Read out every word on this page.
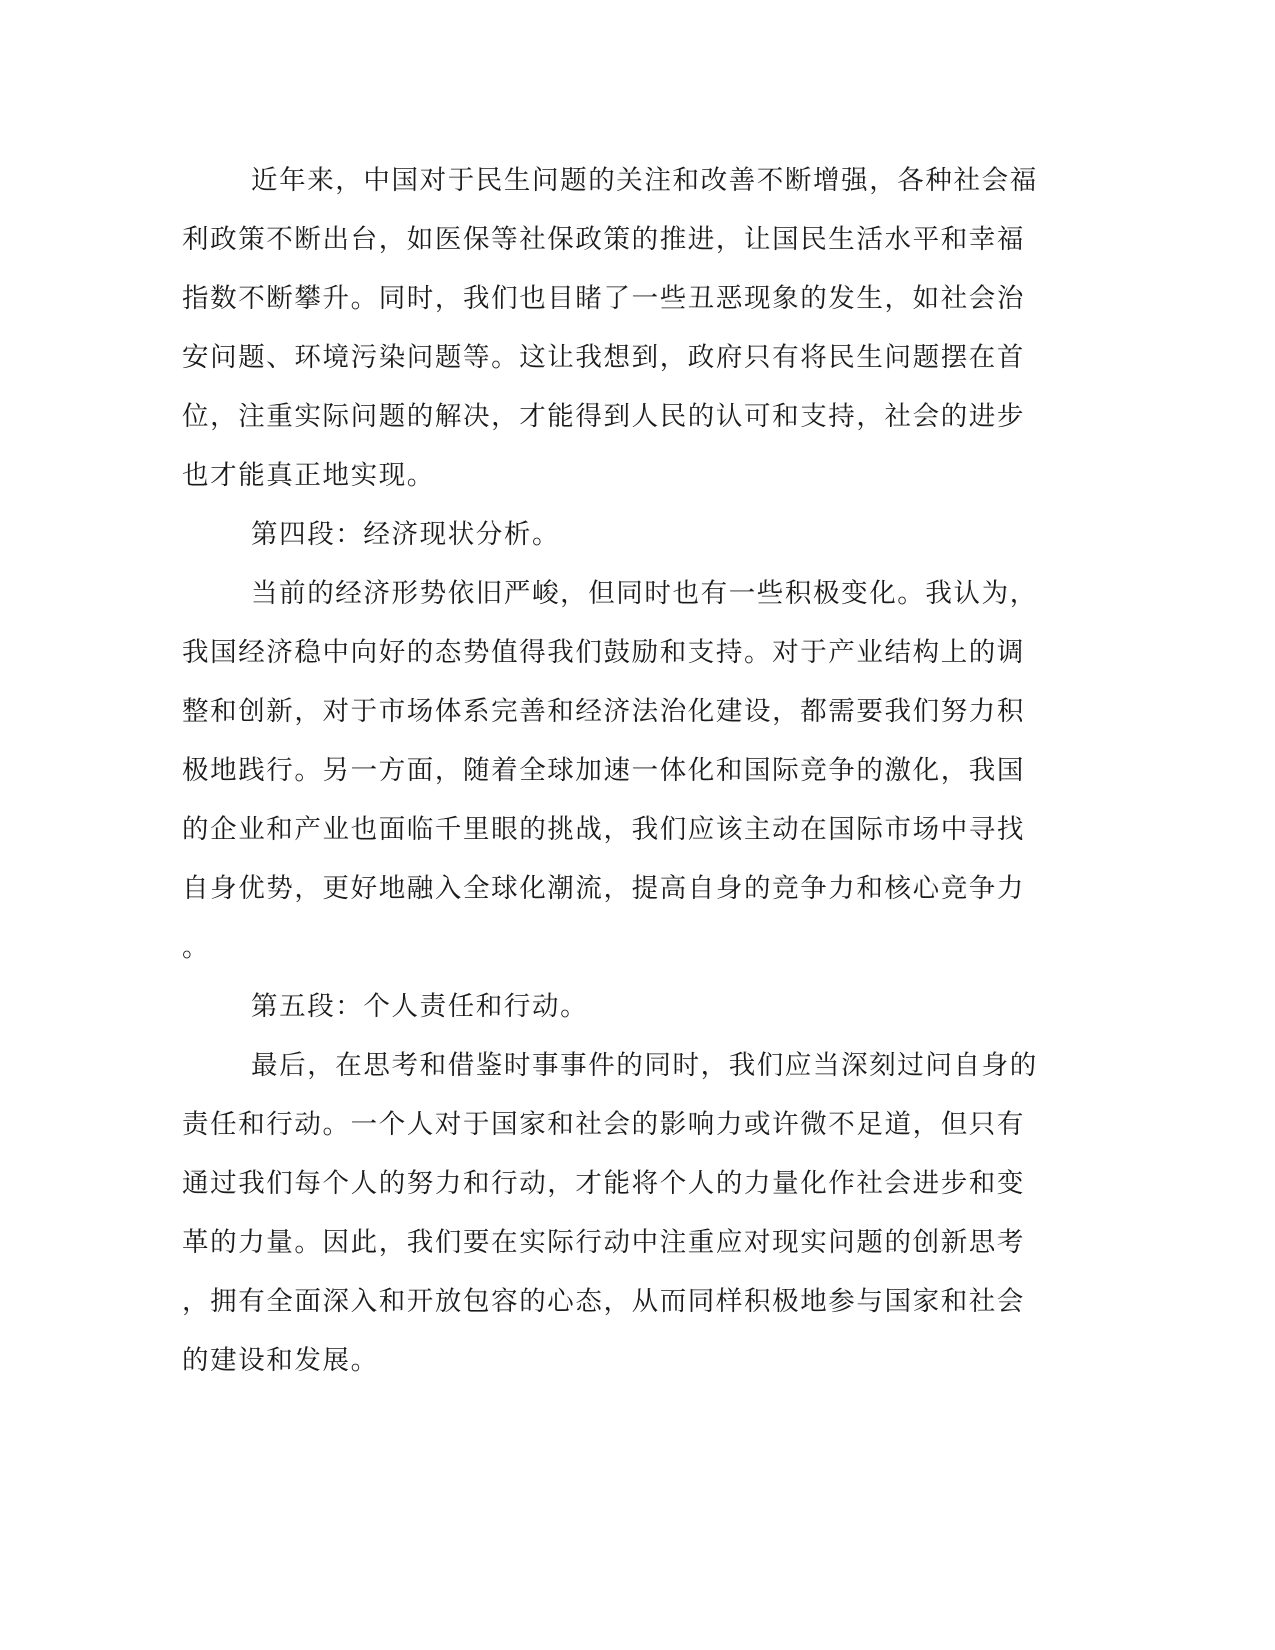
近年来，中国对于民生问题的关注和改善不断增强，各种社会福
利政策不断出台，如医保等社保政策的推进，让国民生活水平和幸福
指数不断攀升。同时，我们也目睹了一些丑恶现象的发生，如社会治
安问题、环境污染问题等。这让我想到，政府只有将民生问题摆在首
位，注重实际问题的解决，才能得到人民的认可和支持，社会的进步
也才能真正地实现。
第四段：经济现状分析。
当前的经济形势依旧严峻，但同时也有一些积极变化。我认为，
我国经济稳中向好的态势值得我们鼓励和支持。对于产业结构上的调
整和创新，对于市场体系完善和经济法治化建设，都需要我们努力积
极地践行。另一方面，随着全球加速一体化和国际竞争的激化，我国
的企业和产业也面临千里眼的挑战，我们应该主动在国际市场中寻找
自身优势，更好地融入全球化潮流，提高自身的竞争力和核心竞争力
。
第五段：个人责任和行动。
最后，在思考和借鉴时事事件的同时，我们应当深刻过问自身的
责任和行动。一个人对于国家和社会的影响力或许微不足道，但只有
通过我们每个人的努力和行动，才能将个人的力量化作社会进步和变
革的力量。因此，我们要在实际行动中注重应对现实问题的创新思考
，拥有全面深入和开放包容的心态，从而同样积极地参与国家和社会
的建设和发展。
